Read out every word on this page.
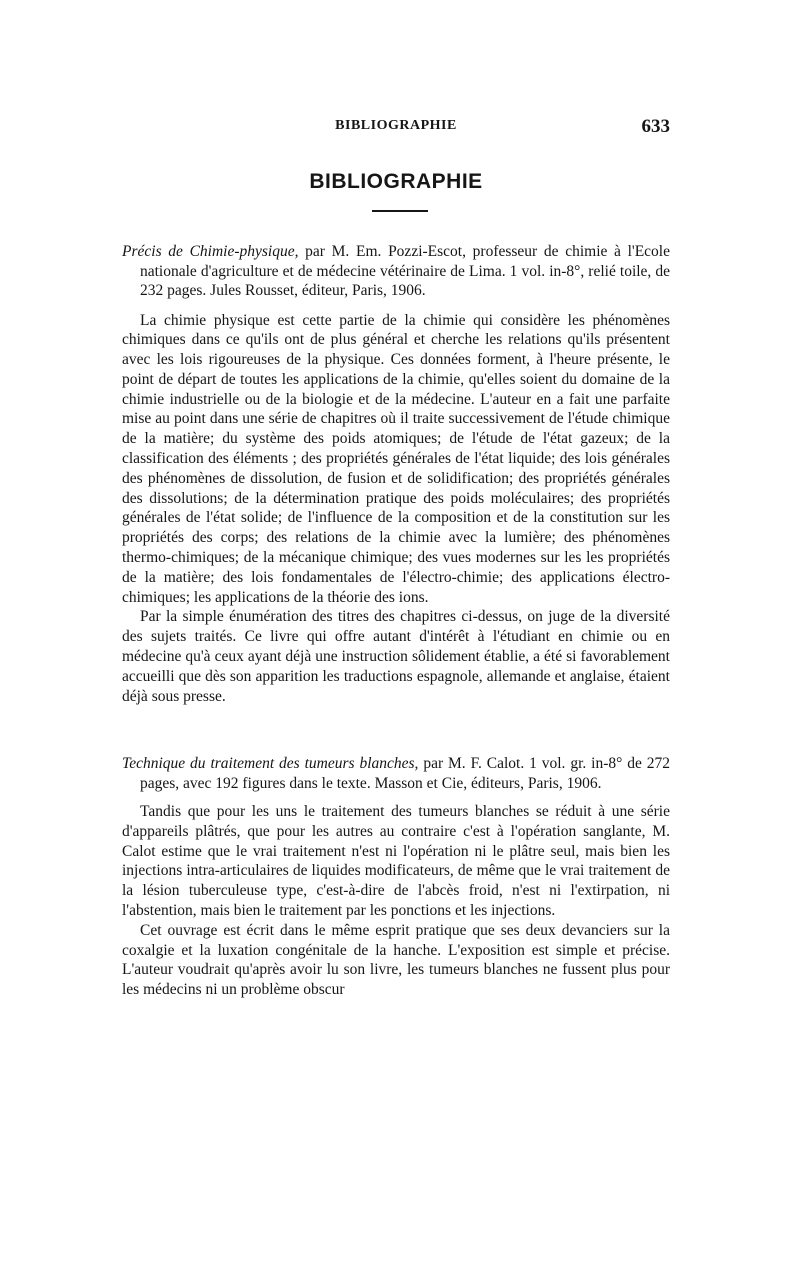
BIBLIOGRAPHIE	633
BIBLIOGRAPHIE

Précis de Chimie-physique, par M. Em. Pozzi-Escot, professeur de chimie à l'Ecole nationale d'agriculture et de médecine vétérinaire de Lima. 1 vol. in-8°, relié toile, de 232 pages. Jules Rousset, éditeur, Paris, 1906.

La chimie physique est cette partie de la chimie qui considère les phénomènes chimiques dans ce qu'ils ont de plus général et cherche les relations qu'ils présentent avec les lois rigoureuses de la physique. Ces données forment, à l'heure présente, le point de départ de toutes les applications de la chimie, qu'elles soient du domaine de la chimie industrielle ou de la biologie et de la médecine. L'auteur en a fait une parfaite mise au point dans une série de chapitres où il traite successivement de l'étude chimique de la matière; du système des poids atomiques; de l'étude de l'état gazeux; de la classification des éléments ; des propriétés générales de l'état liquide; des lois générales des phénomènes de dissolution, de fusion et de solidification; des propriétés générales des dissolutions; de la détermination pratique des poids moléculaires; des propriétés générales de l'état solide; de l'influence de la composition et de la constitution sur les propriétés des corps; des relations de la chimie avec la lumière; des phénomènes thermo-chimiques; de la mécanique chimique; des vues modernes sur les les propriétés de la matière; des lois fondamentales de l'électro-chimie; des applications électro-chimiques; les applications de la théorie des ions.

Par la simple énumération des titres des chapitres ci-dessus, on juge de la diversité des sujets traités. Ce livre qui offre autant d'intérêt à l'étudiant en chimie ou en médecine qu'à ceux ayant déjà une instruction sôlidement établie, a été si favorablement accueilli que dès son apparition les traductions espagnole, allemande et anglaise, étaient déjà sous presse.

Technique du traitement des tumeurs blanches, par M. F. Calot. 1 vol. gr. in-8° de 272 pages, avec 192 figures dans le texte. Masson et Cie, éditeurs, Paris, 1906.

Tandis que pour les uns le traitement des tumeurs blanches se réduit à une série d'appareils plâtrés, que pour les autres au contraire c'est à l'opération sanglante, M. Calot estime que le vrai traitement n'est ni l'opération ni le plâtre seul, mais bien les injections intra-articulaires de liquides modificateurs, de même que le vrai traitement de la lésion tuberculeuse type, c'est-à-dire de l'abcès froid, n'est ni l'extirpation, ni l'abstention, mais bien le traitement par les ponctions et les injections.

Cet ouvrage est écrit dans le même esprit pratique que ses deux devanciers sur la coxalgie et la luxation congénitale de la hanche. L'exposition est simple et précise. L'auteur voudrait qu'après avoir lu son livre, les tumeurs blanches ne fussent plus pour les médecins ni un problème obscur
